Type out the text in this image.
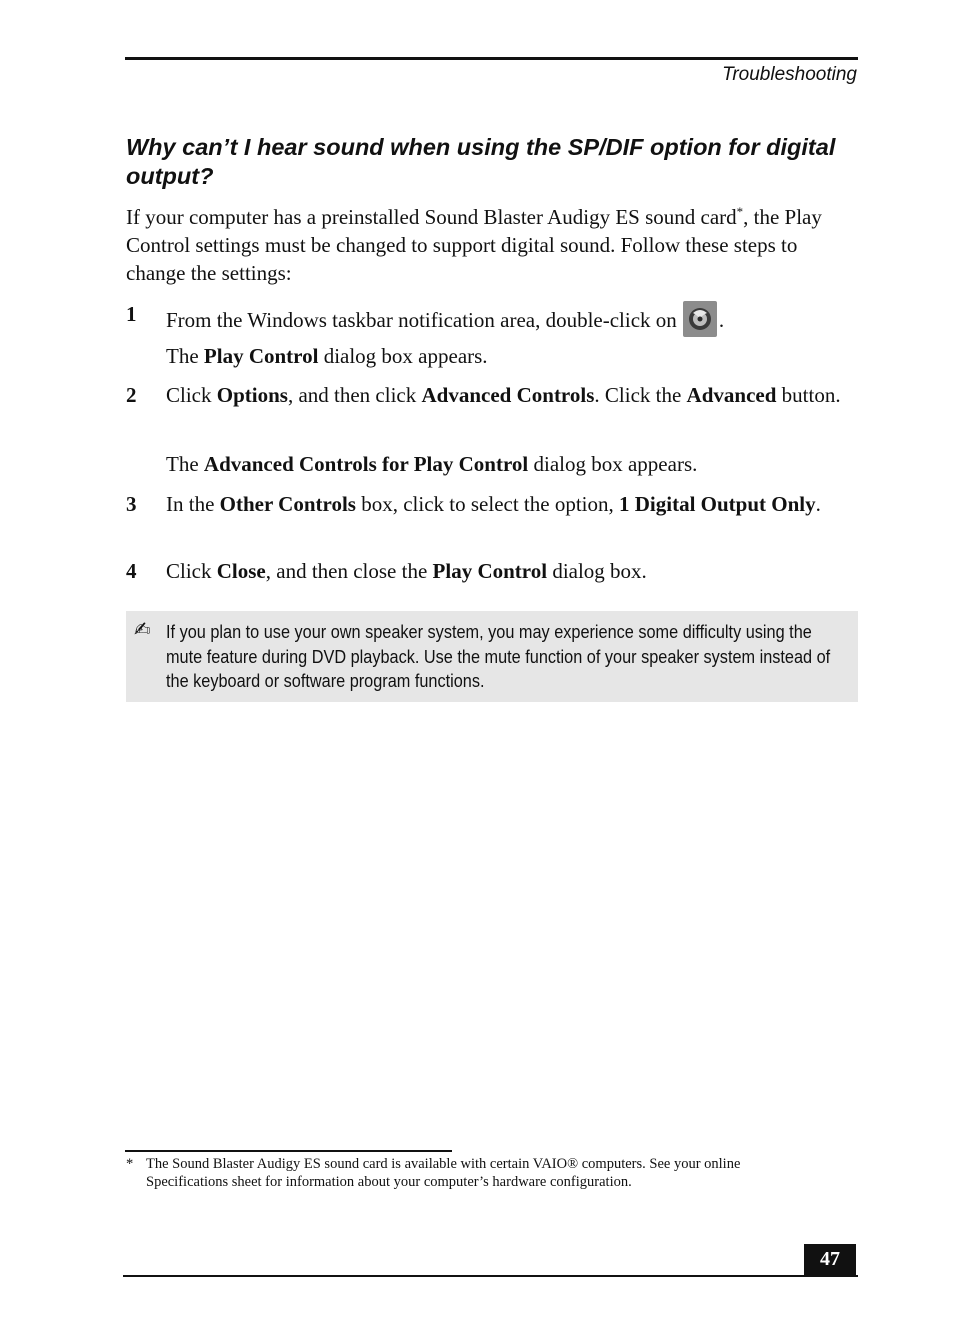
Troubleshooting
Why can’t I hear sound when using the SP/DIF option for digital output?

If your computer has a preinstalled Sound Blaster Audigy ES sound card*, the Play Control settings must be changed to support digital sound. Follow these steps to change the settings:

1 From the Windows taskbar notification area, double-click on .
The Play Control dialog box appears.
2 Click Options, and then click Advanced Controls. Click the Advanced button.
The Advanced Controls for Play Control dialog box appears.
3 In the Other Controls box, click to select the option, 1 Digital Output Only.
4 Click Close, and then close the Play Control dialog box.
✍ If you plan to use your own speaker system, you may experience some difficulty using the mute feature during DVD playback. Use the mute function of your speaker system instead of the keyboard or software program functions.
* The Sound Blaster Audigy ES sound card is available with certain VAIO® computers. See your online Specifications sheet for information about your computer’s hardware configuration.
47
